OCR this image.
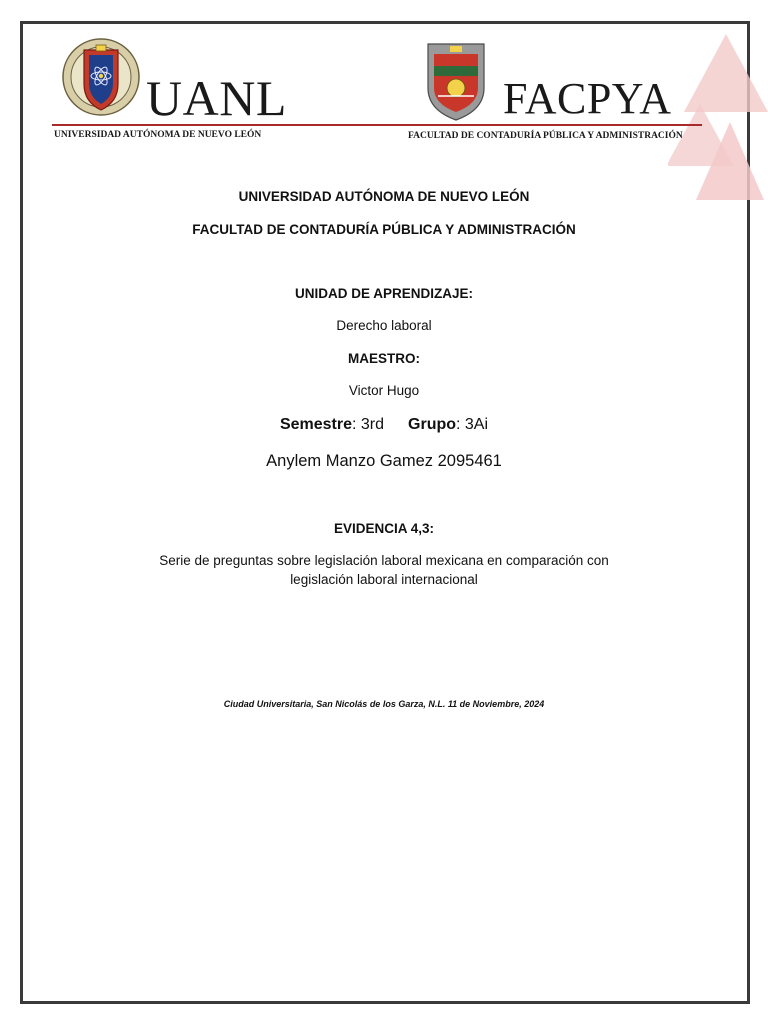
UANL	FACPYA
UNIVERSIDAD AUTÓNOMA DE NUEVO LEÓN	FACULTAD DE CONTADURÍA PÚBLICA Y ADMINISTRACIÓN
UNIVERSIDAD AUTÓNOMA DE NUEVO LEÓN
FACULTAD DE CONTADURÍA PÚBLICA Y ADMINISTRACIÓN
UNIDAD DE APRENDIZAJE:
Derecho laboral
MAESTRO:
Victor Hugo
Semestre: 3rd Grupo: 3Ai
Anylem Manzo Gamez 2095461
EVIDENCIA 4,3:
Serie de preguntas sobre legislación laboral mexicana en comparación con
legislación laboral internacional
Ciudad Universitaria, San Nicolás de los Garza, N.L. 11 de Noviembre, 2024
